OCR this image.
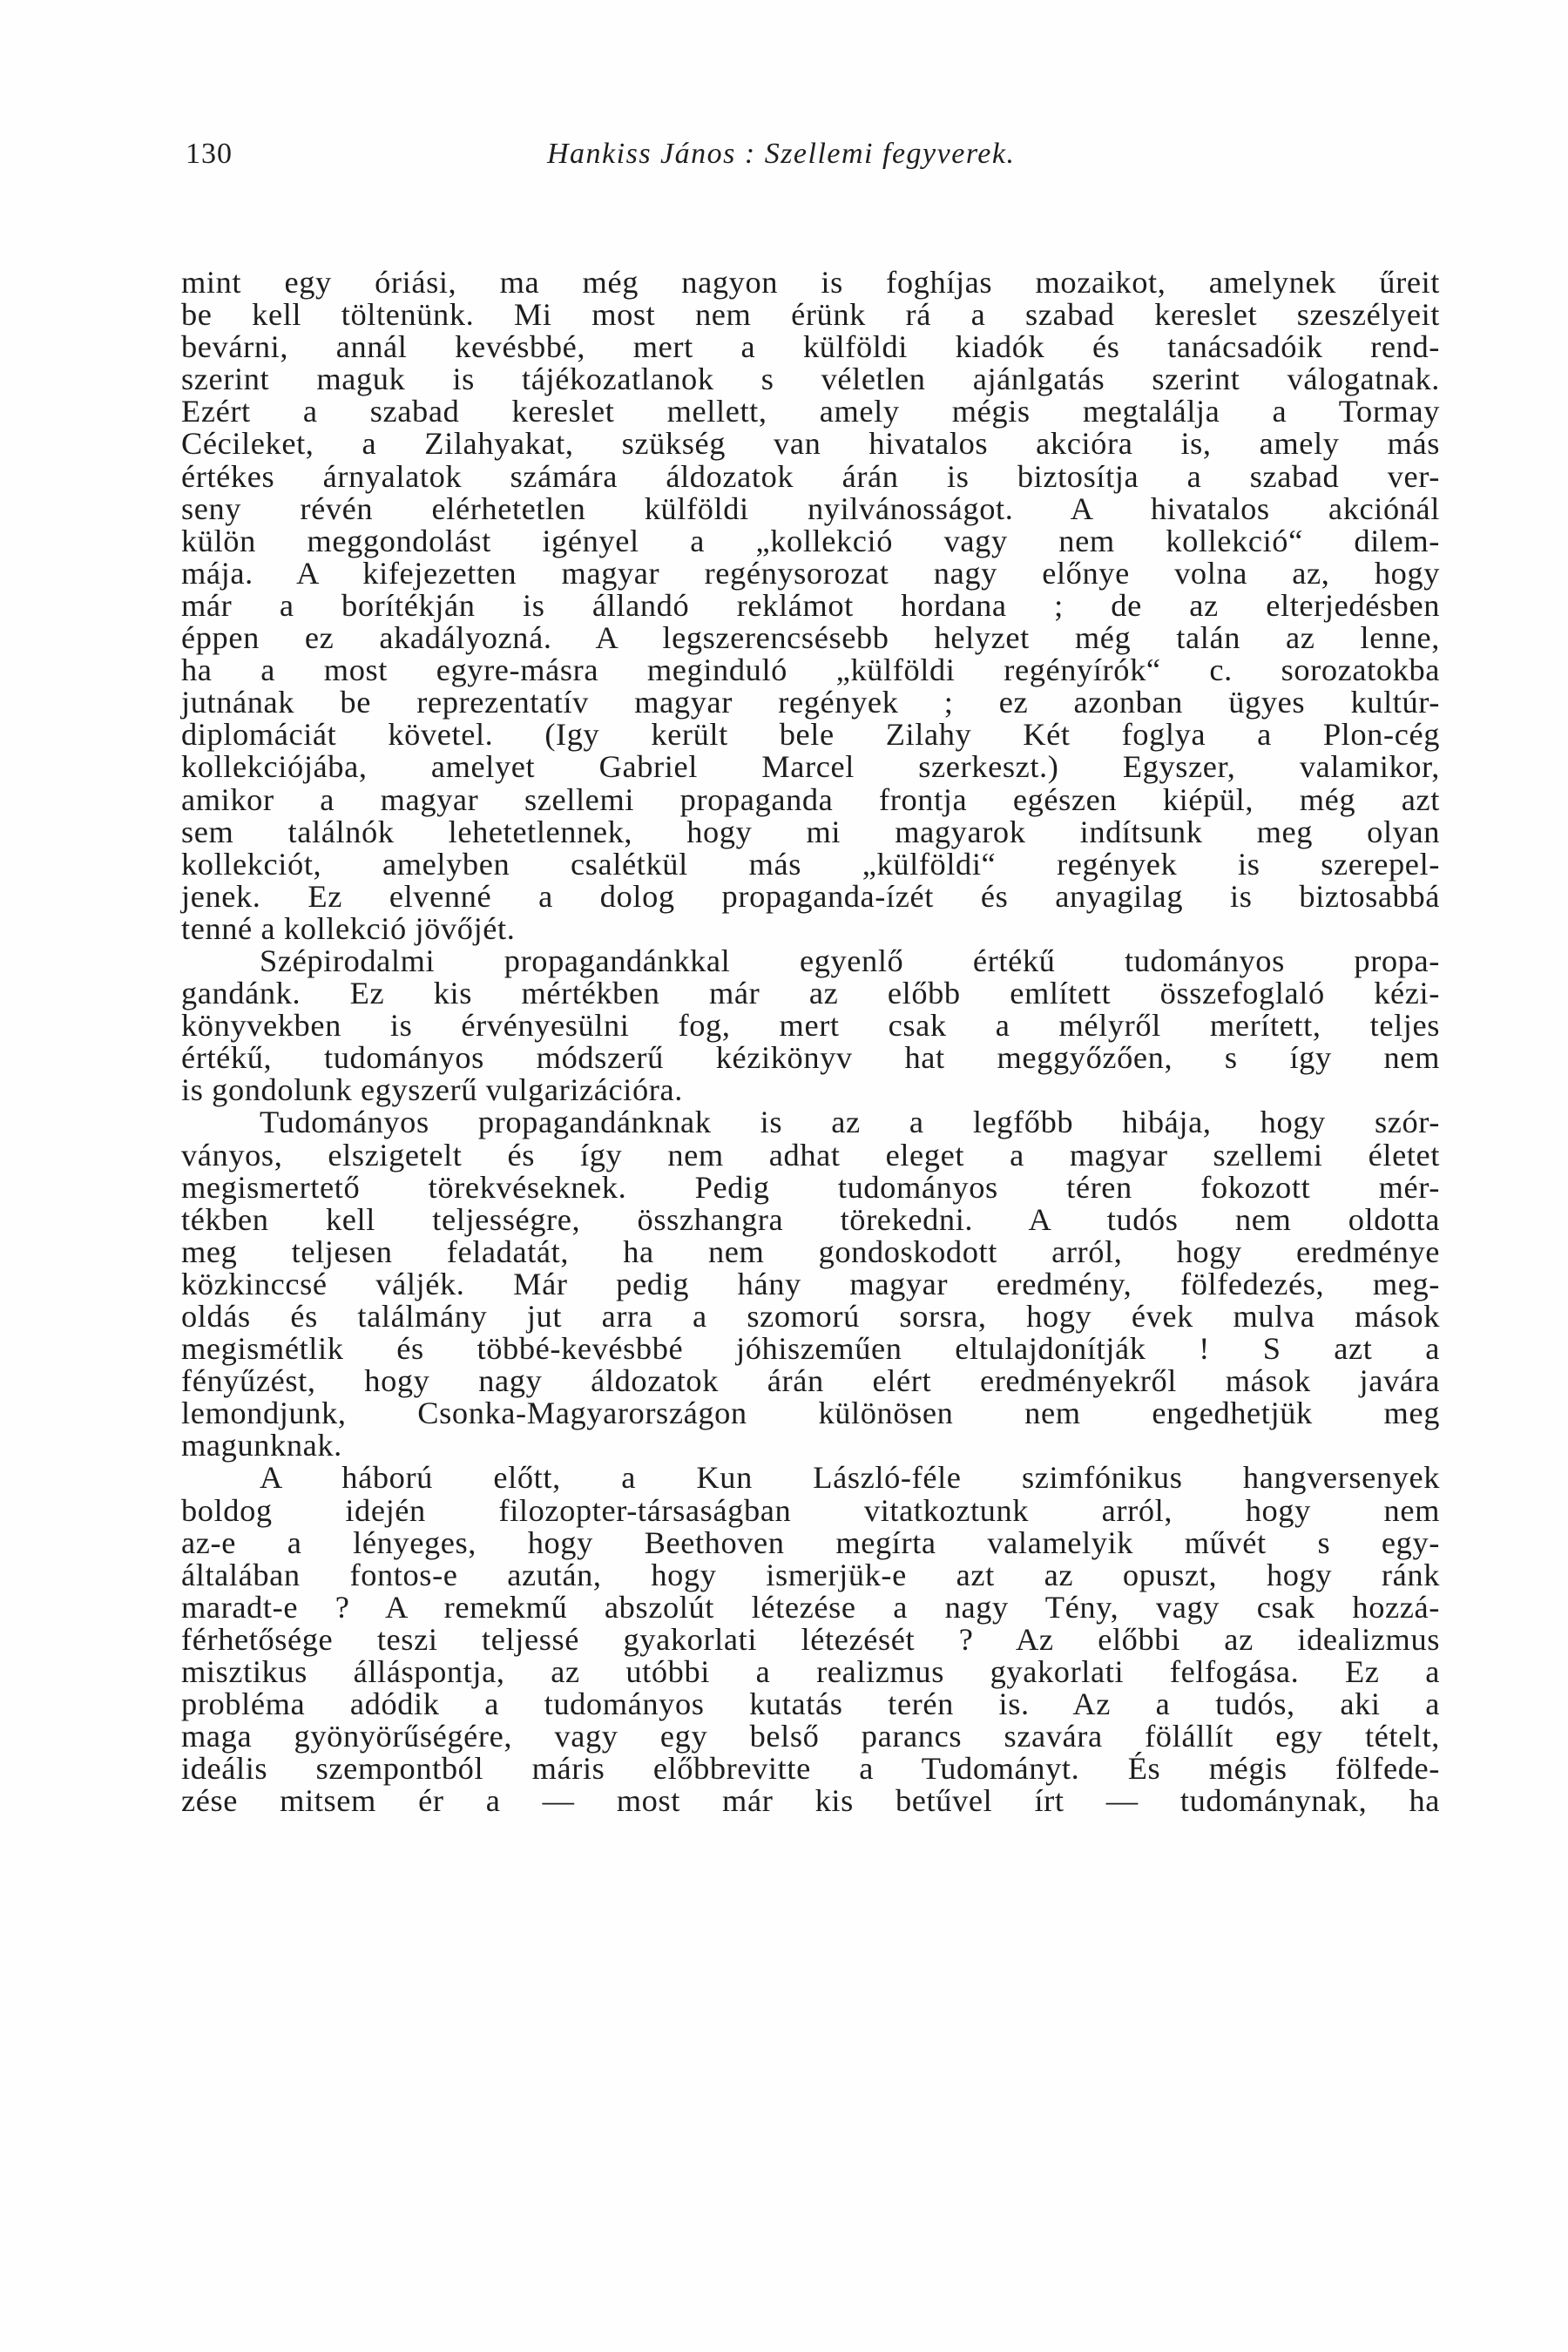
130	Hankiss János : Szellemi fegyverek.
mint egy óriási, ma még nagyon is foghíjas mozaikot, amelynek űreit
be kell töltenünk. Mi most nem érünk rá a szabad kereslet szeszélyeit
bevárni, annál kevésbbé, mert a külföldi kiadók és tanácsadóik rend-
szerint maguk is tájékozatlanok s véletlen ajánlgatás szerint válogatnak.
Ezért a szabad kereslet mellett, amely mégis megtalálja a Tormay
Cécileket, a Zilahyakat, szükség van hivatalos akcióra is, amely más
értékes árnyalatok számára áldozatok árán is biztosítja a szabad ver-
seny révén elérhetetlen külföldi nyilvánosságot. A hivatalos akciónál
külön meggondolást igényel a „kollekció vagy nem kollekció“ dilem-
mája. A kifejezetten magyar regénysorozat nagy előnye volna az, hogy
már a borítékján is állandó reklámot hordana ; de az elterjedésben
éppen ez akadályozná. A legszerencsésebb helyzet még talán az lenne,
ha a most egyre-másra meginduló „külföldi regényírók“ c. sorozatokba
jutnának be reprezentatív magyar regények ; ez azonban ügyes kultúr-
diplomáciát követel. (Igy került bele Zilahy Két foglya a Plon-cég
kollekciójába, amelyet Gabriel Marcel szerkeszt.) Egyszer, valamikor,
amikor a magyar szellemi propaganda frontja egészen kiépül, még azt
sem találnók lehetetlennek, hogy mi magyarok indítsunk meg olyan
kollekciót, amelyben csalétkül más „külföldi“ regények is szerepel-
jenek. Ez elvenné a dolog propaganda-ízét és anyagilag is biztosabbá
tenné a kollekció jövőjét.
Szépirodalmi propagandánkkal egyenlő értékű tudományos propa-
gandánk. Ez kis mértékben már az előbb említett összefoglaló kézi-
könyvekben is érvényesülni fog, mert csak a mélyről merített, teljes
értékű, tudományos módszerű kézikönyv hat meggyőzően, s így nem
is gondolunk egyszerű vulgarizációra.
Tudományos propagandánknak is az a legfőbb hibája, hogy szór-
ványos, elszigetelt és így nem adhat eleget a magyar szellemi életet
megismertető törekvéseknek. Pedig tudományos téren fokozott mér-
tékben kell teljességre, összhangra törekedni. A tudós nem oldotta
meg teljesen feladatát, ha nem gondoskodott arról, hogy eredménye
közkinccsé váljék. Már pedig hány magyar eredmény, fölfedezés, meg-
oldás és találmány jut arra a szomorú sorsra, hogy évek mulva mások
megismétlik és többé-kevésbbé jóhiszeműen eltulajdonítják ! S azt a
fényűzést, hogy nagy áldozatok árán elért eredményekről mások javára
lemondjunk, Csonka-Magyarországon különösen nem engedhetjük meg
magunknak.
A háború előtt, a Kun László-féle szimfónikus hangversenyek
boldog idején filozopter-társaságban vitatkoztunk arról, hogy nem
az-e a lényeges, hogy Beethoven megírta valamelyik művét s egy-
általában fontos-e azután, hogy ismerjük-e azt az opuszt, hogy ránk
maradt-e ? A remekmű abszolút létezése a nagy Tény, vagy csak hozzá-
férhetősége teszi teljessé gyakorlati létezését ? Az előbbi az idealizmus
misztikus álláspontja, az utóbbi a realizmus gyakorlati felfogása. Ez a
probléma adódik a tudományos kutatás terén is. Az a tudós, aki a
maga gyönyörűségére, vagy egy belső parancs szavára fölállít egy tételt,
ideális szempontból máris előbbrevitte a Tudományt. És mégis fölfede-
zése mitsem ér a — most már kis betűvel írt — tudománynak, ha
